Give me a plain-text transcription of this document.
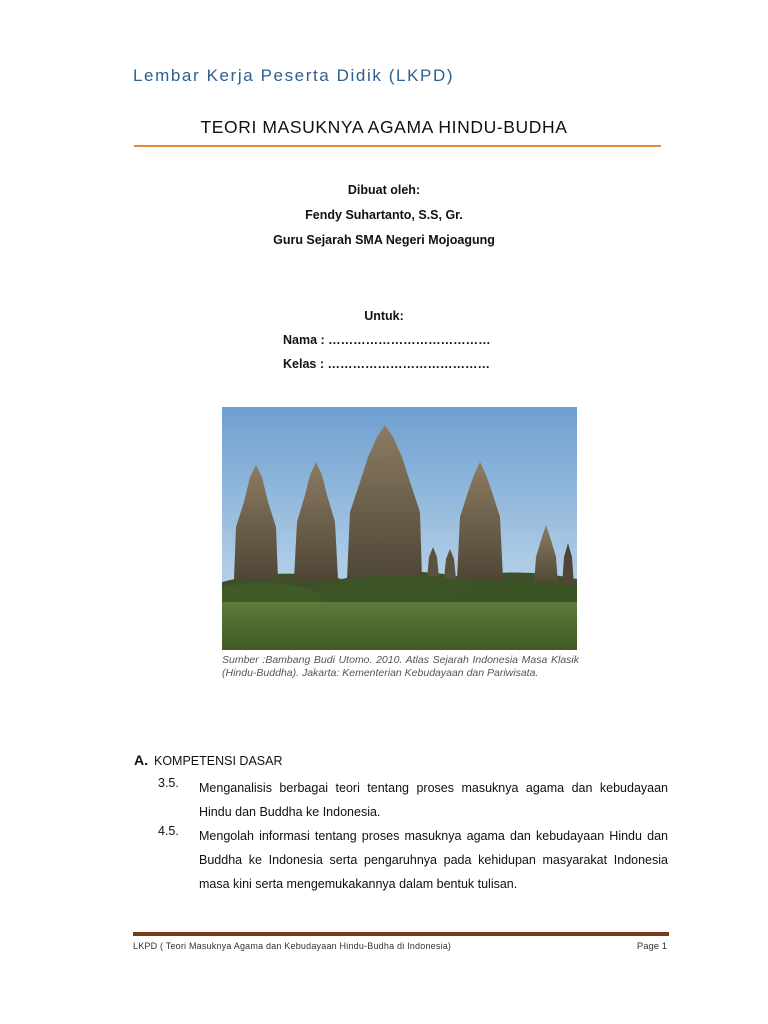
Lembar Kerja Peserta Didik (LKPD)
TEORI MASUKNYA AGAMA HINDU-BUDHA
Dibuat oleh:
Fendy Suhartanto, S.S, Gr.
Guru Sejarah SMA Negeri Mojoagung
Untuk:
Nama : …………………………………
Kelas : …………………………………
Sumber :Bambang Budi Utomo. 2010. Atlas Sejarah Indonesia Masa Klasik (Hindu-Buddha). Jakarta: Kementerian Kebudayaan dan Pariwisata.
A. KOMPETENSI DASAR
3.5. Menganalisis berbagai teori tentang proses masuknya agama dan kebudayaan Hindu dan Buddha ke Indonesia.
4.5. Mengolah informasi tentang proses masuknya agama dan kebudayaan Hindu dan Buddha ke Indonesia serta pengaruhnya pada kehidupan masyarakat Indonesia masa kini serta mengemukakannya dalam bentuk tulisan.
LKPD ( Teori Masuknya Agama dan Kebudayaan Hindu-Budha di Indonesia)	Page 1
